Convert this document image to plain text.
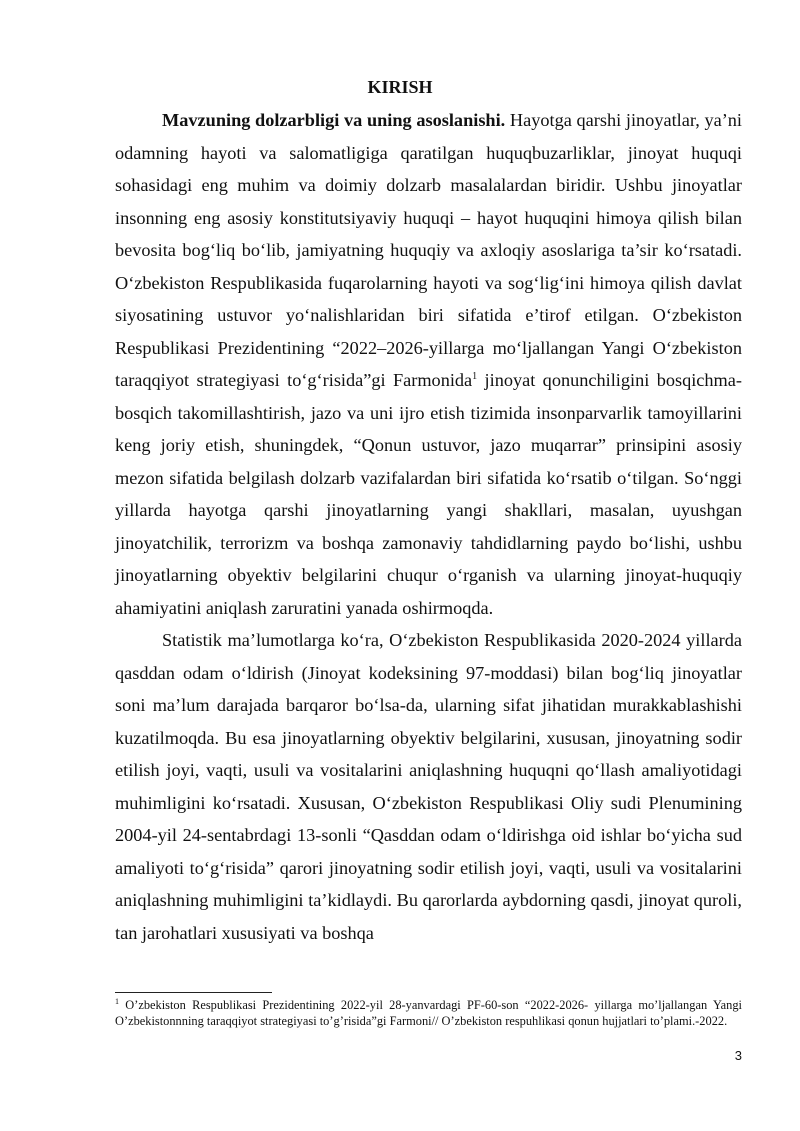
KIRISH

Mavzuning dolzarbligi va uning asoslanishi. Hayotga qarshi jinoyatlar, ya’ni odamning hayoti va salomatligiga qaratilgan huquqbuzarliklar, jinoyat huquqi sohasidagi eng muhim va doimiy dolzarb masalalardan biridir. Ushbu jinoyatlar insonning eng asosiy konstitutsiyaviy huquqi – hayot huquqini himoya qilish bilan bevosita bog‘liq bo‘lib, jamiyatning huquqiy va axloqiy asoslariga ta’sir ko‘rsatadi. O‘zbekiston Respublikasida fuqarolarning hayoti va sog‘lig‘ini himoya qilish davlat siyosatining ustuvor yo‘nalishlaridan biri sifatida e’tirof etilgan. O‘zbekiston Respublikasi Prezidentining “2022–2026-yillarga mo‘ljallangan Yangi O‘zbekiston taraqqiyot strategiyasi to‘g‘risida”gi Farmonida$^1$ jinoyat qonunchiligini bosqichma-bosqich takomillashtirish, jazo va uni ijro etish tizimida insonparvarlik tamoyillarini keng joriy etish, shuningdek, “Qonun ustuvor, jazo muqarrar” prinsipini asosiy mezon sifatida belgilash dolzarb vazifalardan biri sifatida ko‘rsatib o‘tilgan. So‘nggi yillarda hayotga qarshi jinoyatlarning yangi shakllari, masalan, uyushgan jinoyatchilik, terrorizm va boshqa zamonaviy tahdidlarning paydo bo‘lishi, ushbu jinoyatlarning obyektiv belgilarini chuqur o‘rganish va ularning jinoyat-huquqiy ahamiyatini aniqlash zaruratini yanada oshirmoqda.

Statistik ma’lumotlarga ko‘ra, O‘zbekiston Respublikasida 2020-2024 yillarda qasddan odam o‘ldirish (Jinoyat kodeksining 97-moddasi) bilan bog‘liq jinoyatlar soni ma’lum darajada barqaror bo‘lsa-da, ularning sifat jihatidan murakkablashishi kuzatilmoqda. Bu esa jinoyatlarning obyektiv belgilarini, xususan, jinoyatning sodir etilish joyi, vaqti, usuli va vositalarini aniqlashning huquqni qo‘llash amaliyotidagi muhimligini ko‘rsatadi. Xususan, O‘zbekiston Respublikasi Oliy sudi Plenumining 2004-yil 24-sentabrdagi 13-sonli “Qasddan odam o‘ldirishga oid ishlar bo‘yicha sud amaliyoti to‘g‘risida” qarori jinoyatning sodir etilish joyi, vaqti, usuli va vositalarini aniqlashning muhimligini ta’kidlaydi. Bu qarorlarda aybdorning qasdi, jinoyat quroli, tan jarohatlari xususiyati va boshqa

$^1$ O’zbekiston Respublikasi Prezidentining 2022-yil 28-yanvardagi PF-60-son “2022-2026- yillarga mo’ljallangan Yangi O’zbekistonnning taraqqiyot strategiyasi to’g’risida”gi Farmoni// O’zbekiston respuhlikasi qonun hujjatlari to’plami.-2022.

3
